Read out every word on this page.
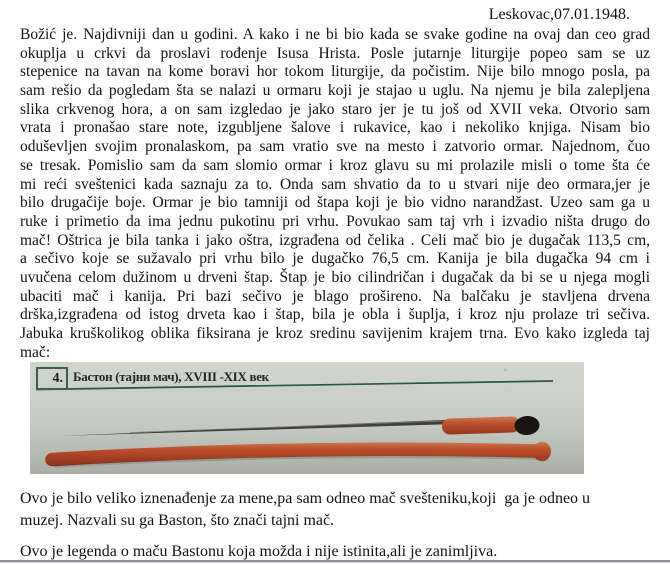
Leskovac,07.01.1948.
Božić je. Najdivniji dan u godini. A kako i ne bi bio kada se svake godine na ovaj dan ceo grad
okuplja u crkvi da proslavi rođenje Isusa Hrista. Posle jutarnje liturgije popeo sam se uz
stepenice na tavan na kome boravi hor tokom liturgije, da počistim. Nije bilo mnogo posla, pa
sam rešio da pogledam šta se nalazi u ormaru koji je stajao u uglu. Na njemu je bila zalepljena
slika crkvenog hora, a on sam izgledao je jako staro jer je tu još od XVII veka. Otvorio sam
vrata i pronašao stare note, izgubljene šalove i rukavice, kao i nekoliko knjiga. Nisam bio
oduševljen svojim pronalaskom, pa sam vratio sve na mesto i zatvorio ormar. Najednom, čuo
se tresak. Pomislio sam da sam slomio ormar i kroz glavu su mi prolazile misli o tome šta će
mi reći sveštenici kada saznaju za to. Onda sam shvatio da to u stvari nije deo ormara,jer je
bilo drugačije boje. Ormar je bio tamniji od štapa koji je bio vidno narandžast. Uzeo sam ga u
ruke i primetio da ima jednu pukotinu pri vrhu. Povukao sam taj vrh i izvadio ništa drugo do
mač! Oštrica je bila tanka i jako oštra, izgrađena od čelika . Celi mač bio je dugačak 113,5 cm,
a sečivo koje se sužavalo pri vrhu bilo je dugačko 76,5 cm. Kanija je bila dugačka 94 cm i
uvučena celom dužinom u drveni štap. Štap je bio cilindričan i dugačak da bi se u njega mogli
ubaciti mač i kanija. Pri bazi sečivo je blago prošireno. Na balčaku je stavljena drvena
drška,izgrađena od istog drveta kao i štap, bila je obla i šuplja, i kroz nju prolaze tri sečiva.
Jabuka kruškolikog oblika fiksirana je kroz sredinu savijenim krajem trna. Evo kako izgleda taj
mač:
×
4. Бастон (тајни мач), XVIII -XIX век
Ovo je bilo veliko iznenađenje za mene,pa sam odneo mač svešteniku,koji  ga je odneo u
muzej. Nazvali su ga Baston, što znači tajni mač.
Ovo je legenda o maču Bastonu koja možda i nije istinita,ali je zanimljiva.
